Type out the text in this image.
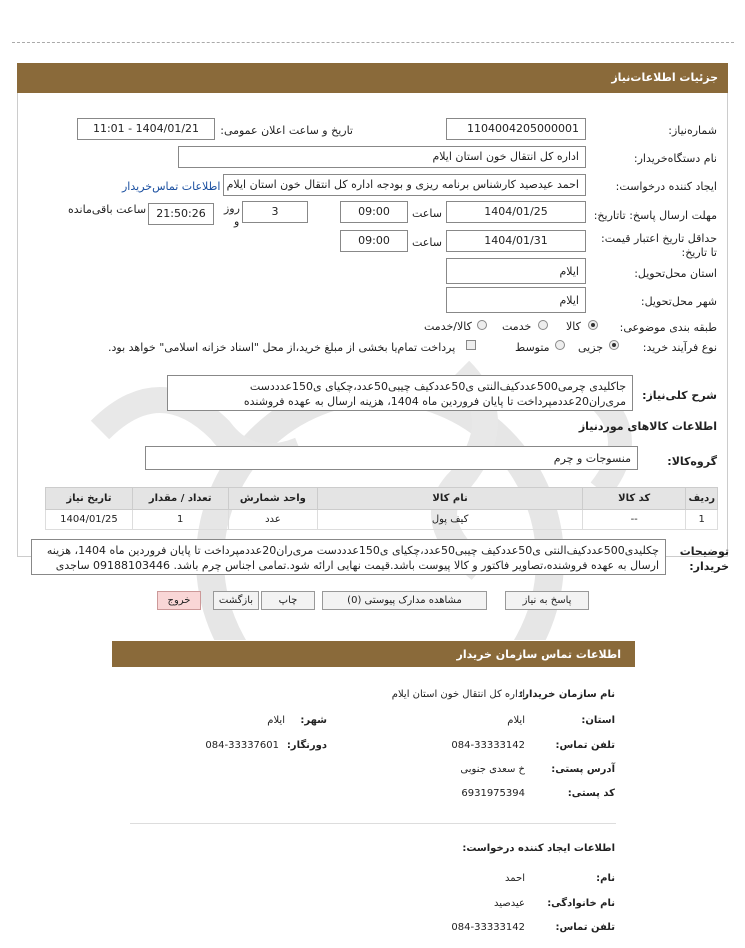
جزئیات اطلاعات‌نیاز
شماره‌نیاز:
1104004205000001
تاریخ و ساعت اعلان عمومی:
1404/01/21 - 11:01
نام دستگاه‌خریدار:
اداره کل انتقال خون استان ایلام
ایجاد کننده درخواست:
احمد عیدصید کارشناس برنامه ریزی و بودجه اداره کل انتقال خون استان ایلام
اطلاعات تماس‌خریدار
مهلت ارسال پاسخ: تاتاریخ:
1404/01/25
ساعت
09:00
3
روز
و
21:50:26
ساعت باقی‌مانده
حداقل تاریخ اعتبار قیمت: تا تاریخ:
1404/01/31
ساعت
09:00
استان محل‌تحویل:
ایلام
شهر محل‌تحویل:
ایلام
طبقه بندی موضوعی:
کالا
خدمت
کالا/خدمت
نوع فرآیند خرید:
جزیی
متوسط
پرداخت تمام‌یا بخشی از مبلغ خرید،از محل "اسناد خزانه اسلامی" خواهد بود.
شرح کلی‌نیاز:
جاکلیدی چرمی500عددکیف‌النتی ی50عددکیف چیبی50عدد،چکیای ی150عدددست مری‌ران20عددمپرداخت تا پایان فروردین ماه 1404، هزینه ارسال به عهده فروشنده
اطلاعات کالاهای موردنیاز
گروه‌کالا:
منسوجات و چرم
ردیف	کد کالا	نام کالا	واحد شمارش	تعداد / مقدار	تاریخ نیاز
1	--	کیف پول	عدد	1	1404/01/25
توضیحات خریدار:
چکلیدی500عددکیف‌النتی ی50عددکیف چیبی50عدد،چکیای ی150عدددست مری‌ران20عددمپرداخت تا پایان فروردین ماه 1404، هزینه ارسال به عهده فروشنده،تصاویر فاکتور و کالا پیوست باشد.قیمت نهایی ارائه شود.تمامی اجناس چرم باشد. 09188103446 ساجدی
پاسخ به نیاز
مشاهده مدارک پیوستی (0)
چاپ
بازگشت
خروج
اطلاعات تماس سازمان خریدار
نام سازمان خریدار:
اداره کل انتقال خون استان ایلام
استان:
ایلام
شهر:
ایلام
تلفن تماس:
084-33333142
دورنگار:
084-33337601
آدرس پستی:
خ سعدی جنوبی
کد پستی:
6931975394
اطلاعات ایجاد کننده درخواست:
نام:
احمد
نام خانوادگی:
عیدصید
تلفن تماس:
084-33333142
